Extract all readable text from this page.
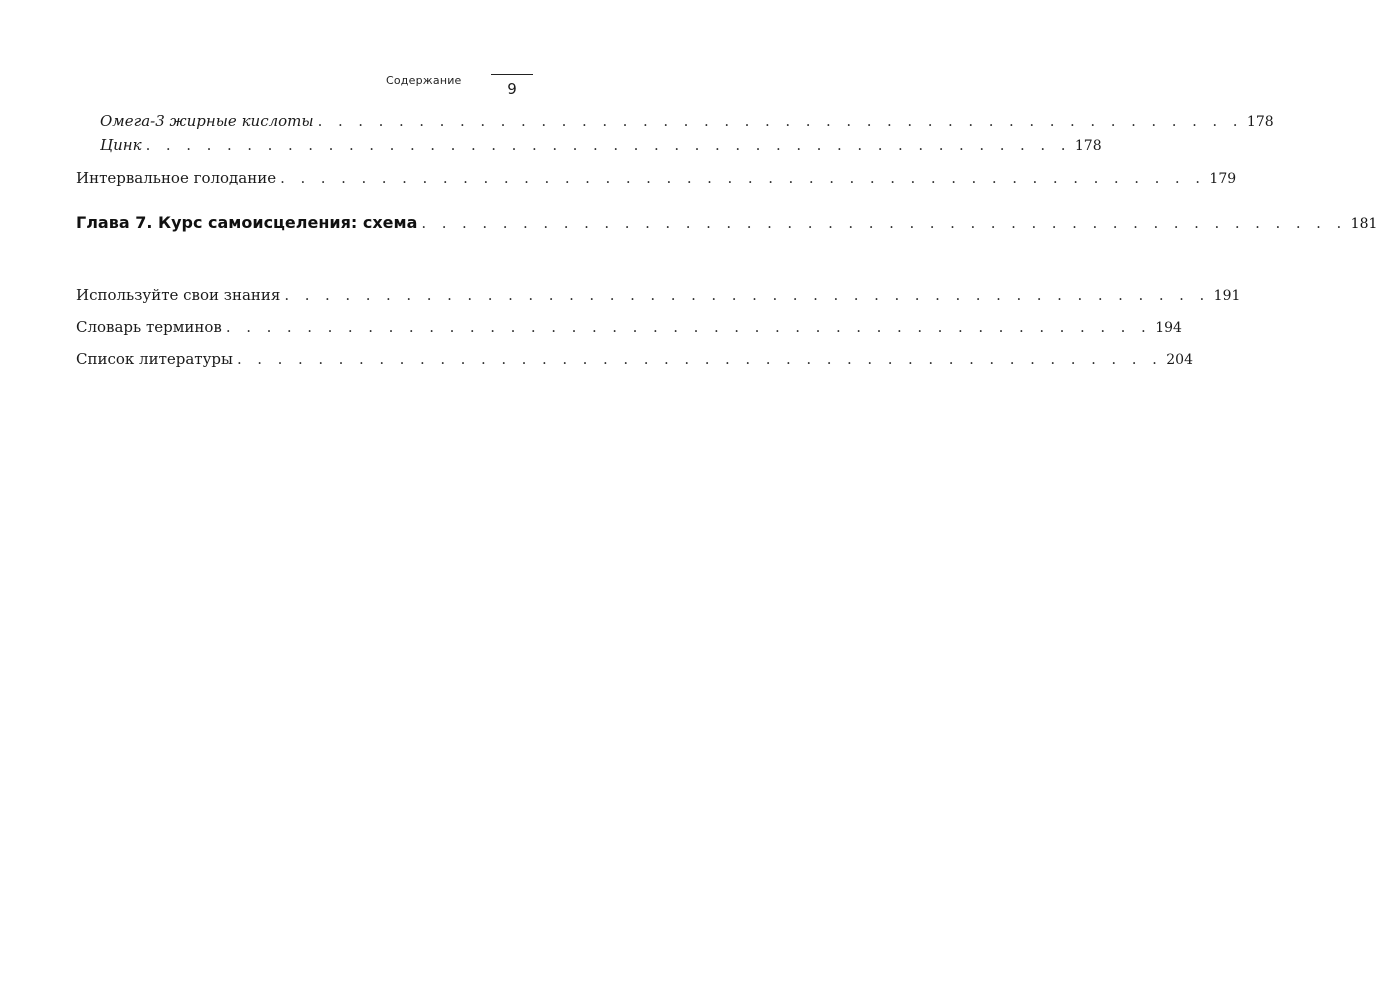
Содержание	9
Омега-3 жирные кислоты . . . . . . . . . . . . . . . . . . . . . . . . . . . . . . . . . . . . . . . . . . . . . . 178
Цинк . . . . . . . . . . . . . . . . . . . . . . . . . . . . . . . . . . . . . . . . . . . . . . 178
Интервальное голодание . . . . . . . . . . . . . . . . . . . . . . . . . . . . . . . . . . . . . . . . . . . . . . 179
Глава 7. Курс самоисцеления: схема . . . . . . . . . . . . . . . . . . . . . . . . . . . . . . . . . . . . . . . . . . . . . . 181
Используйте свои знания . . . . . . . . . . . . . . . . . . . . . . . . . . . . . . . . . . . . . . . . . . . . . . 191
Словарь терминов . . . . . . . . . . . . . . . . . . . . . . . . . . . . . . . . . . . . . . . . . . . . . . 194
Список литературы . . . . . . . . . . . . . . . . . . . . . . . . . . . . . . . . . . . . . . . . . . . . . . 204
